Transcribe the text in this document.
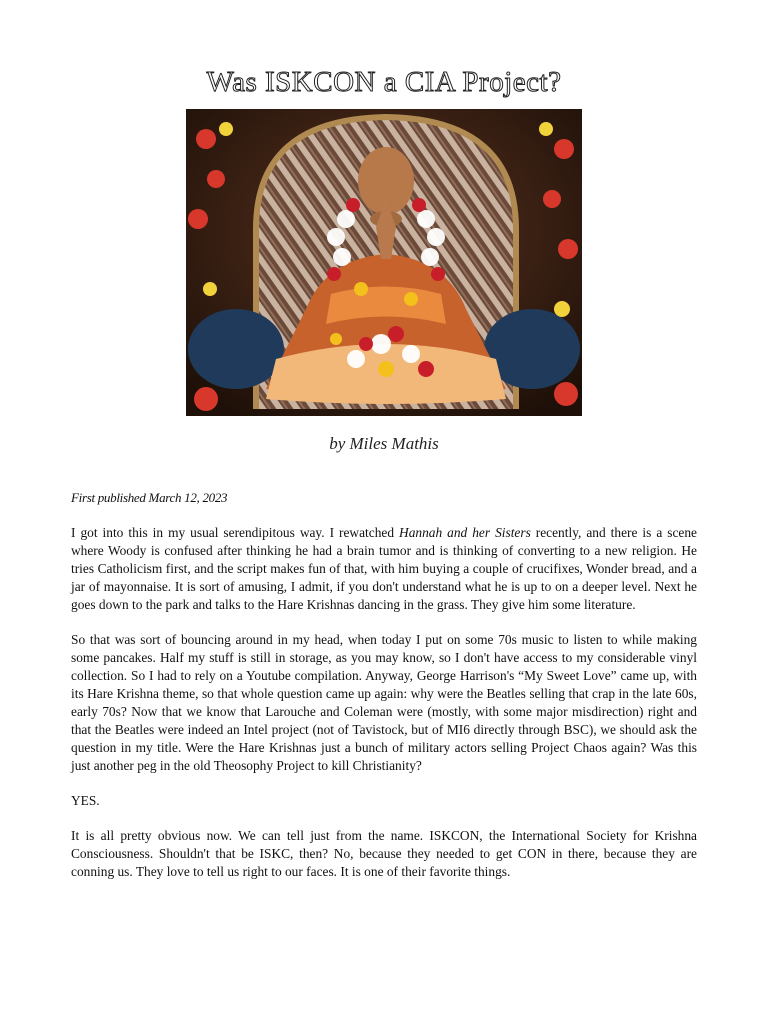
Was ISKCON a CIA Project?
by Miles Mathis
First published March 12, 2023

I got into this in my usual serendipitous way. I rewatched Hannah and her Sisters recently, and there is a scene where Woody is confused after thinking he had a brain tumor and is thinking of converting to a new religion. He tries Catholicism first, and the script makes fun of that, with him buying a couple of crucifixes, Wonder bread, and a jar of mayonnaise. It is sort of amusing, I admit, if you don't understand what he is up to on a deeper level. Next he goes down to the park and talks to the Hare Krishnas dancing in the grass. They give him some literature.

So that was sort of bouncing around in my head, when today I put on some 70s music to listen to while making some pancakes. Half my stuff is still in storage, as you may know, so I don't have access to my considerable vinyl collection. So I had to rely on a Youtube compilation. Anyway, George Harrison's “My Sweet Love” came up, with its Hare Krishna theme, so that whole question came up again: why were the Beatles selling that crap in the late 60s, early 70s? Now that we know that Larouche and Coleman were (mostly, with some major misdirection) right and that the Beatles were indeed an Intel project (not of Tavistock, but of MI6 directly through BSC), we should ask the question in my title. Were the Hare Krishnas just a bunch of military actors selling Project Chaos again? Was this just another peg in the old Theosophy Project to kill Christianity?

YES.

It is all pretty obvious now. We can tell just from the name. ISKCON, the International Society for Krishna Consciousness. Shouldn't that be ISKC, then? No, because they needed to get CON in there, because they are conning us. They love to tell us right to our faces. It is one of their favorite things.
